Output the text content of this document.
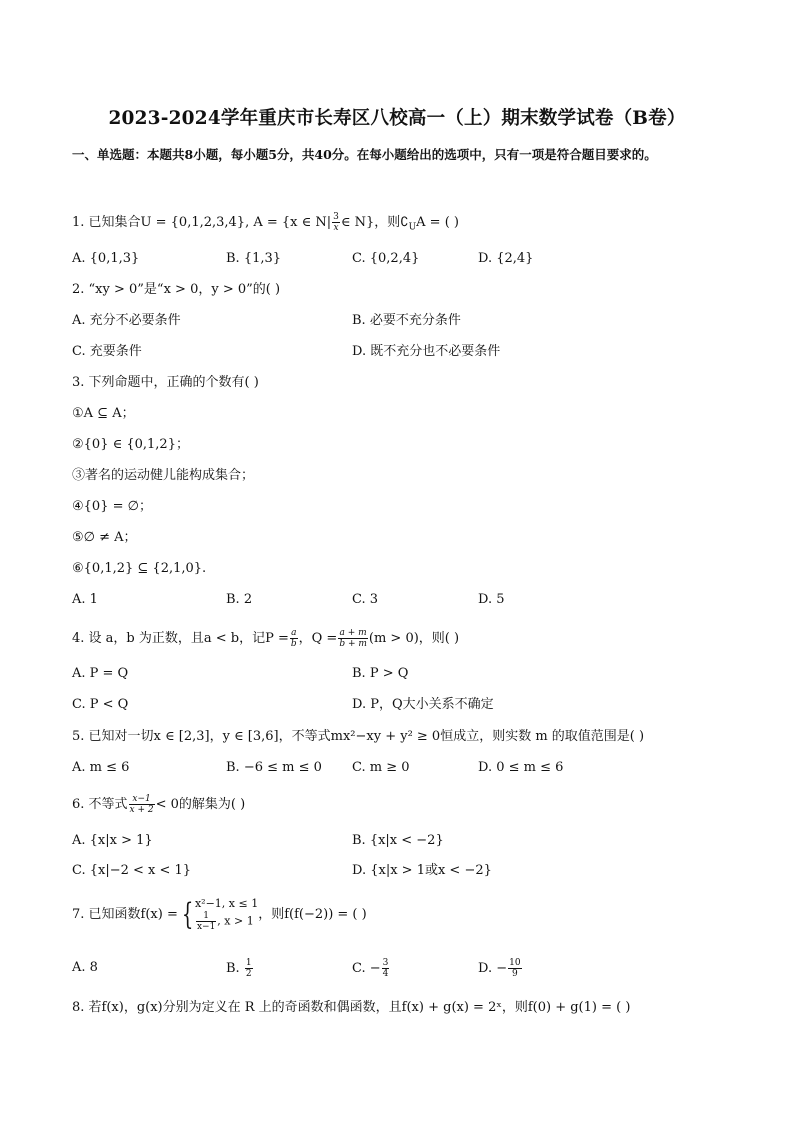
2023-2024学年重庆市长寿区八校高一（上）期末数学试卷（B卷）
一、单选题：本题共8小题，每小题5分，共40分。在每小题给出的选项中，只有一项是符合题目要求的。
1. 已知集合U = {0,1,2,3,4}, A = {x ∈ $N| \frac{3}{x}$ ∈ N}，则$∁_UA$ = ( )
A. {0,1,3}	B. {1,3}	C. {0,2,4}	D. {2,4}
2. “xy > 0”是“x > 0，y > 0”的( )
A. 充分不必要条件	B. 必要不充分条件
C. 充要条件	D. 既不充分也不必要条件
3. 下列命题中，正确的个数有( )
①A ⊆ A；
②{0} ∈ {0,1,2}；
③著名的运动健儿能构成集合；
④{0} = ∅；
⑤∅ ≠ A；
⑥{0,1,2} ⊆ {2,1,0}.
A. 1	B. 2	C. 3	D. 5
4. 设 a，b 为正数，且a < b，记$P = \frac{a}{b}$ ，$Q = \frac{a + m}{b + m} (m > 0)$，则( )
A. P = Q	B. P > Q
C. P < Q	D. P，Q大小关系不确定
5. 已知对一切x ∈ [2,3]，y ∈ [3,6]，不等式mx²−xy + y² ≥ 0恒成立，则实数 m 的取值范围是( )
A. m ≤ 6	B. −6 ≤ m ≤ 0 C. m ≥ 0	D. 0 ≤ m ≤ 6
6. 不等式 $\frac{x-1}{x + 2} < 0$的解集为( )
A. {x|x > 1}	B. {x|x < −2}
C. {x|−2 < x < 1}	D. {x|x > 1或x < −2}
7. 已知函数f(x) = { x²−1, x ≤ 1
$\frac{1}{x-1}$ , x > 1 ，则f(f(−2)) = ( )
A. 8	B. $\frac{1}{2}$	C. − $\frac{3}{4}$	D. − $\frac{10}{9}$
8. 若f(x)，g(x)分别为定义在 R 上的奇函数和偶函数，且f(x) + g(x) = 2ˣ，则f(0) + g(1) = ( )
